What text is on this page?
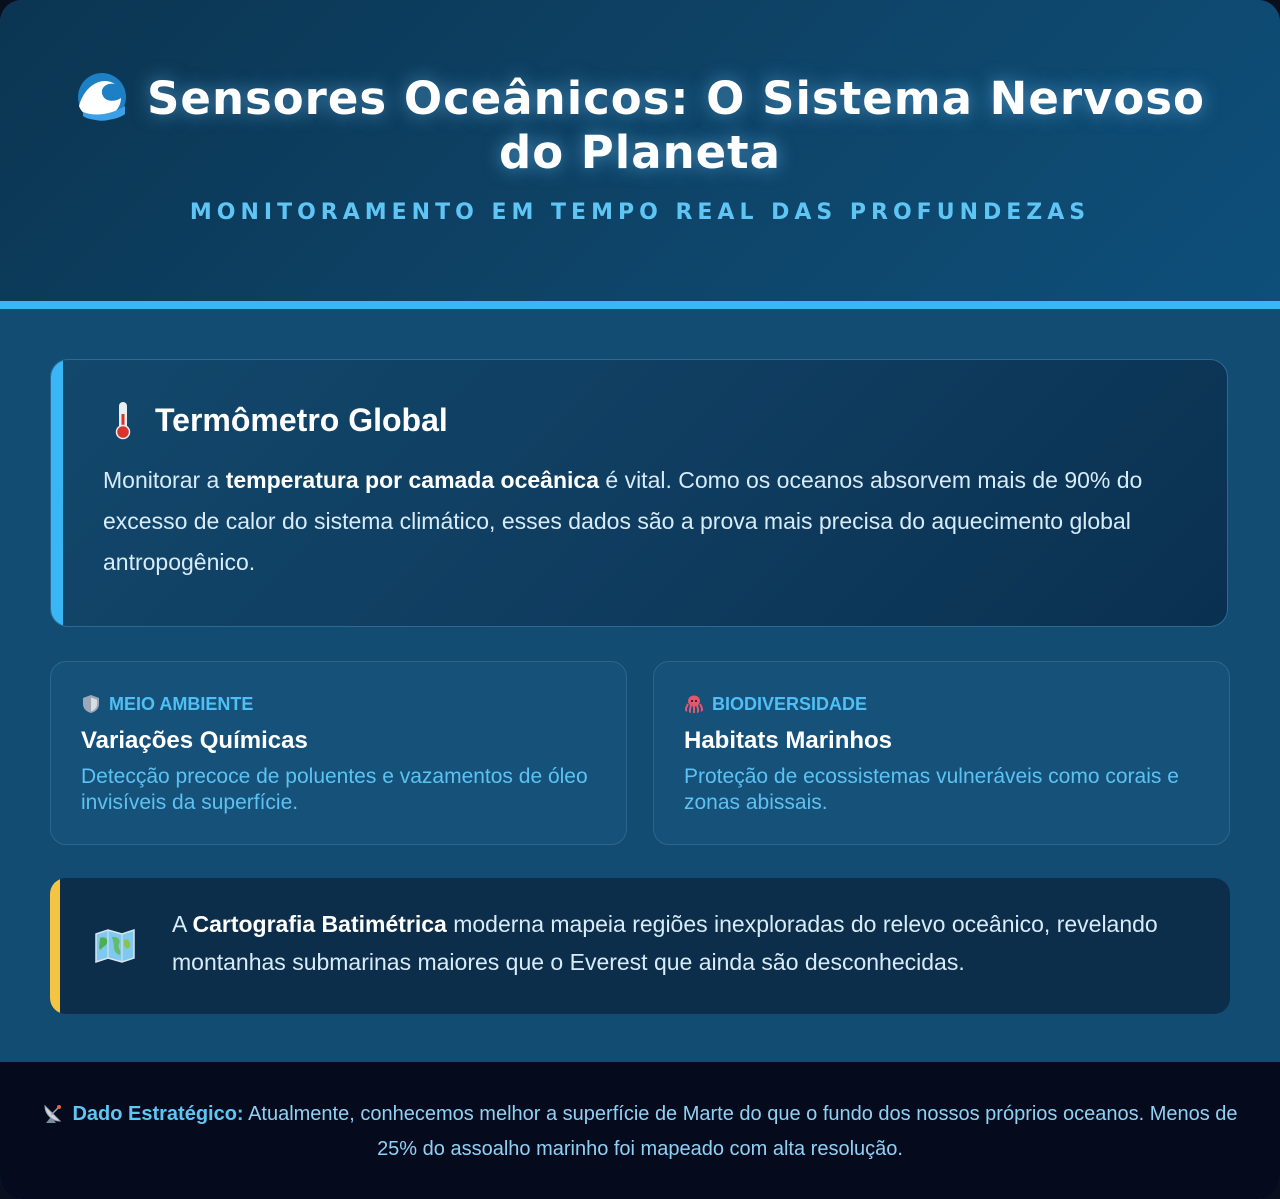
Sensores Oceânicos: O Sistema Nervoso do Planeta
MONITORAMENTO EM TEMPO REAL DAS PROFUNDEZAS
Termômetro Global

Monitorar a temperatura por camada oceânica é vital. Como os oceanos absorvem mais de 90% do excesso de calor do sistema climático, esses dados são a prova mais precisa do aquecimento global antropogênico.

MEIO AMBIENTE
Variações Químicas

Detecção precoce de poluentes e vazamentos de óleo invisíveis da superfície.

BIODIVERSIDADE
Habitats Marinhos

Proteção de ecossistemas vulneráveis como corais e zonas abissais.

A Cartografia Batimétrica moderna mapeia regiões inexploradas do relevo oceânico, revelando montanhas submarinas maiores que o Everest que ainda são desconhecidas.

Dado Estratégico: Atualmente, conhecemos melhor a superfície de Marte do que o fundo dos nossos próprios oceanos. Menos de 25% do assoalho marinho foi mapeado com alta resolução.
